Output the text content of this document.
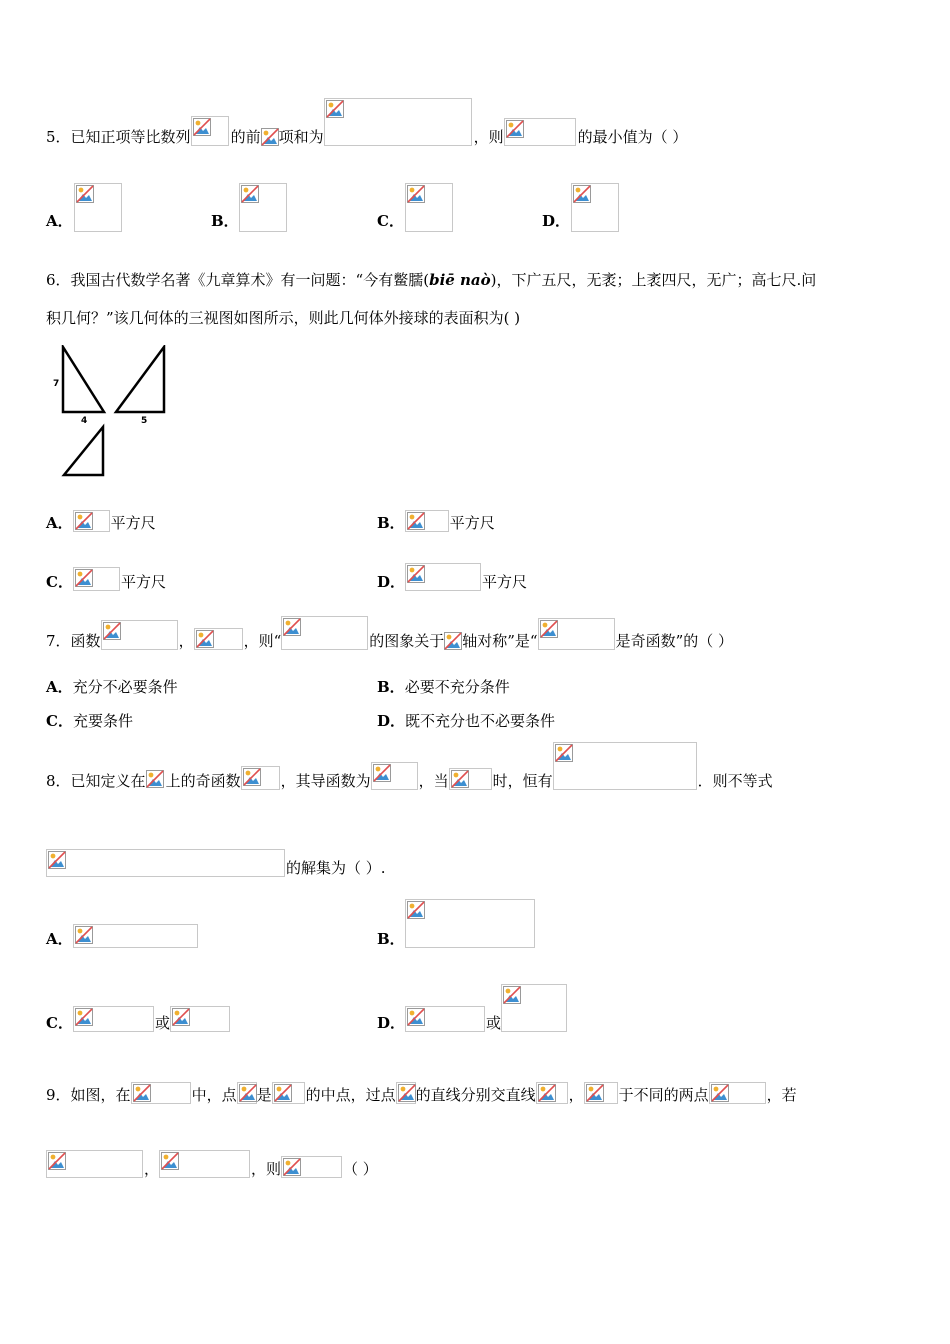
5．已知正项等比数列	的前 项和为	，则	的最小值为（ ）
A．	B．	C．	D．
6．我国古代数学名著《九章算术》有一问题：“今有鳖臑(biē naò)，下广五尺，无袤；上袤四尺，无广；高七尺.问
积几何？”该几何体的三视图如图所示，则此几何体外接球的表面积为( )
7
4	5
A．	平方尺	B．	平方尺
C．	平方尺	D．	平方尺
7．函数	，	，则“	的图象关于 轴对称”是“	是奇函数”的（ ）
A．充分不必要条件	B．必要不充分条件
C．充要条件	D．既不充分也不必要条件
8．已知定义在 上的奇函数	，其导函数为	，当	时，恒有	．则不等式
的解集为（ ）.
A．	B．
C．	或	D．	或
9．如图，在	中，点 是 的中点，过点 的直线分别交直线 ， 于不同的两点	，若
，	，则	（ ）
